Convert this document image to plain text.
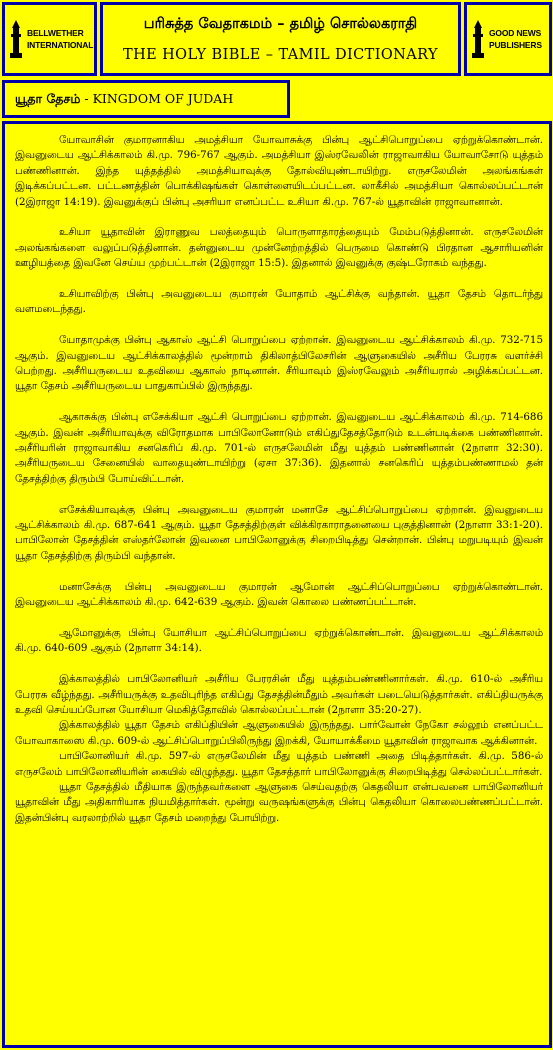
BELLWETHER
INTERNATIONAL
பரிசுத்த வேதாகமம் – தமிழ் சொல்லகராதி
THE HOLY BIBLE – TAMIL DICTIONARY
GOOD NEWS
PUBLISHERS
யூதா தேசம் - KINGDOM OF JUDAH

யோவாசின் குமாரனாகிய அமத்சியா யோவாசுக்கு பின்பு ஆட்சிபொறுப்பை ஏற்றுக்கொண்டான். இவனுடைய ஆட்சிக்காலம் கி.மு. 796-767 ஆகும். அமத்சியா இஸ்ரவேலின் ராஜாவாகிய யோவாசோடு யுத்தம் பண்ணினான். இந்த யுத்தத்தில் அமத்சியாவுக்கு தோல்வியுண்டாயிற்று. எருசலேமின் அலங்கங்கள் இடிக்கப்பட்டன. பட்டணத்தின் பொக்கிஷங்கள் கொள்ளையிடப்பட்டன. லாகீசில் அமத்சியா கொல்லப்பட்டான் (2இராஜா 14:19). இவனுக்குப் பின்பு அசரியா எனப்பட்ட உசியா கி.மு. 767-ல் யூதாவின் ராஜாவானான்.

உசியா யூதாவின் இராணுவ பலத்தையும் பொருளாதாரத்தையும் மேம்படுத்தினான். எருசலேமின் அலங்கங்களை வலுப்படுத்தினான். தன்னுடைய முன்னேற்றத்தில் பெருமை கொண்டு பிரதான ஆசாரியனின் ஊழியத்தை இவனே செய்ய முற்பட்டான் (2இராஜா 15:5). இதனால் இவனுக்கு குஷ்டரோகம் வந்தது.

உசியாவிற்கு பின்பு அவனுடைய குமாரன் யோதாம் ஆட்சிக்கு வந்தான். யூதா தேசம் தொடர்ந்து வளமடைந்தது.

யோதாமுக்கு பின்பு ஆகாஸ் ஆட்சி பொறுப்பை ஏற்றான். இவனுடைய ஆட்சிக்காலம் கி.மு. 732-715 ஆகும். இவனுடைய ஆட்சிக்காலத்தில் மூன்றாம் திகிலாத்பிலேசரின் ஆளுகையில் அசீரிய பேரரசு வளர்ச்சி பெற்றது. அசீரியருடைய உதவியை ஆகாஸ் நாடினான். சீரியாவும் இஸ்ரவேலும் அசீரியரால் அழிக்கப்பட்டன. யூதா தேசம் அசீரியருடைய பாதுகாப்பில் இருந்தது.

ஆகாசுக்கு பின்பு எசேக்கியா ஆட்சி பொறுப்பை ஏற்றான். இவனுடைய ஆட்சிக்காலம் கி.மு. 714-686 ஆகும். இவன் அசீரியாவுக்கு விரோதமாக பாபிலோனோடும் எகிப்துதேசத்தோடும் உடன்படிக்கை பண்ணினான். அசீரியரின் ராஜாவாகிய சனகெரிப் கி.மு. 701-ல் எருசலேமின் மீது யுத்தம் பண்ணினான் (2நாளா 32:30). அசீரியருடைய சேனையில் வாதையுண்டாயிற்று (ஏசா 37:36). இதனால் சனகெரிப் யுத்தம்பண்ணாமல் தன் தேசத்திற்கு திரும்பி போய்விட்டான்.

எசேக்கியாவுக்கு பின்பு அவனுடைய குமாரன் மனாசே ஆட்சிப்பொறுப்பை ஏற்றான். இவனுடைய ஆட்சிக்காலம் கி.மு. 687-641 ஆகும். யூதா தேசத்திற்குள் விக்கிரகாராதனையை புகுத்தினான் (2நாளா 33:1-20). பாபிலோன் தேசத்தின் எஸ்தர்லோன் இவனை பாபிலோனுக்கு சிறைபிடித்து சென்றான். பின்பு மறுபடியும் இவன் யூதா தேசத்திற்கு திரும்பி வந்தான்.

மனாசேக்கு பின்பு அவனுடைய குமாரன் ஆமோன் ஆட்சிப்பொறுப்பை ஏற்றுக்கொண்டான். இவனுடைய ஆட்சிக்காலம் கி.மு. 642-639 ஆகும். இவன் கொலை பண்ணப்பட்டான்.

ஆமோனுக்கு பின்பு யோசியா ஆட்சிப்பொறுப்பை ஏற்றுக்கொண்டான். இவனுடைய ஆட்சிக்காலம் கி.மு. 640-609 ஆகும் (2நாளா 34:14).

இக்காலத்தில் பாபிலோனியர் அசீரிய பேரரசின் மீது யுத்தம்பண்ணினார்கள். கி.மு. 610-ல் அசீரிய பேரரசு வீழ்ந்தது. அசீரியருக்கு உதவிபுரிந்த எகிப்து தேசத்தின்மீதும் அவர்கள் படையெடுத்தார்கள். எகிப்தியருக்கு உதவி செய்யப்போன யோசியா மெகித்தோவில் கொல்லப்பட்டான் (2நாளா 35:20-27).

இக்காலத்தில் யூதா தேசம் எகிப்தியின் ஆளுகையில் இருந்தது. பார்வோன் நேகோ சல்லூம் எனப்பட்ட யோவாகாஸை கி.மு. 609-ல் ஆட்சிப்பொறுப்பிலிருந்து இறக்கி, யோயாக்கீமை யூதாவின் ராஜாவாக ஆக்கினான்.

பாபிலோனியர் கி.மு. 597-ல் எருசலேமின் மீது யுத்தம் பண்ணி அதை பிடித்தார்கள். கி.மு. 586-ல் எருசலேம் பாபிலோனியரின் கையில் விழுந்தது. யூதா தேசத்தார் பாபிலோனுக்கு சிறைபிடித்து செல்லப்பட்டார்கள்.

யூதா தேசத்தில் மீதியாக இருந்தவர்களை ஆளுகை செய்வதற்கு கெதலியா என்பவனை பாபிலோனியர் யூதாவின் மீது அதிகாரியாக நியமித்தார்கள். மூன்று வருஷங்களுக்கு பின்பு கெதலியா கொலைபண்ணப்பட்டான். இதன்பின்பு வரலாற்றில் யூதா தேசம் மறைந்து போயிற்று.
